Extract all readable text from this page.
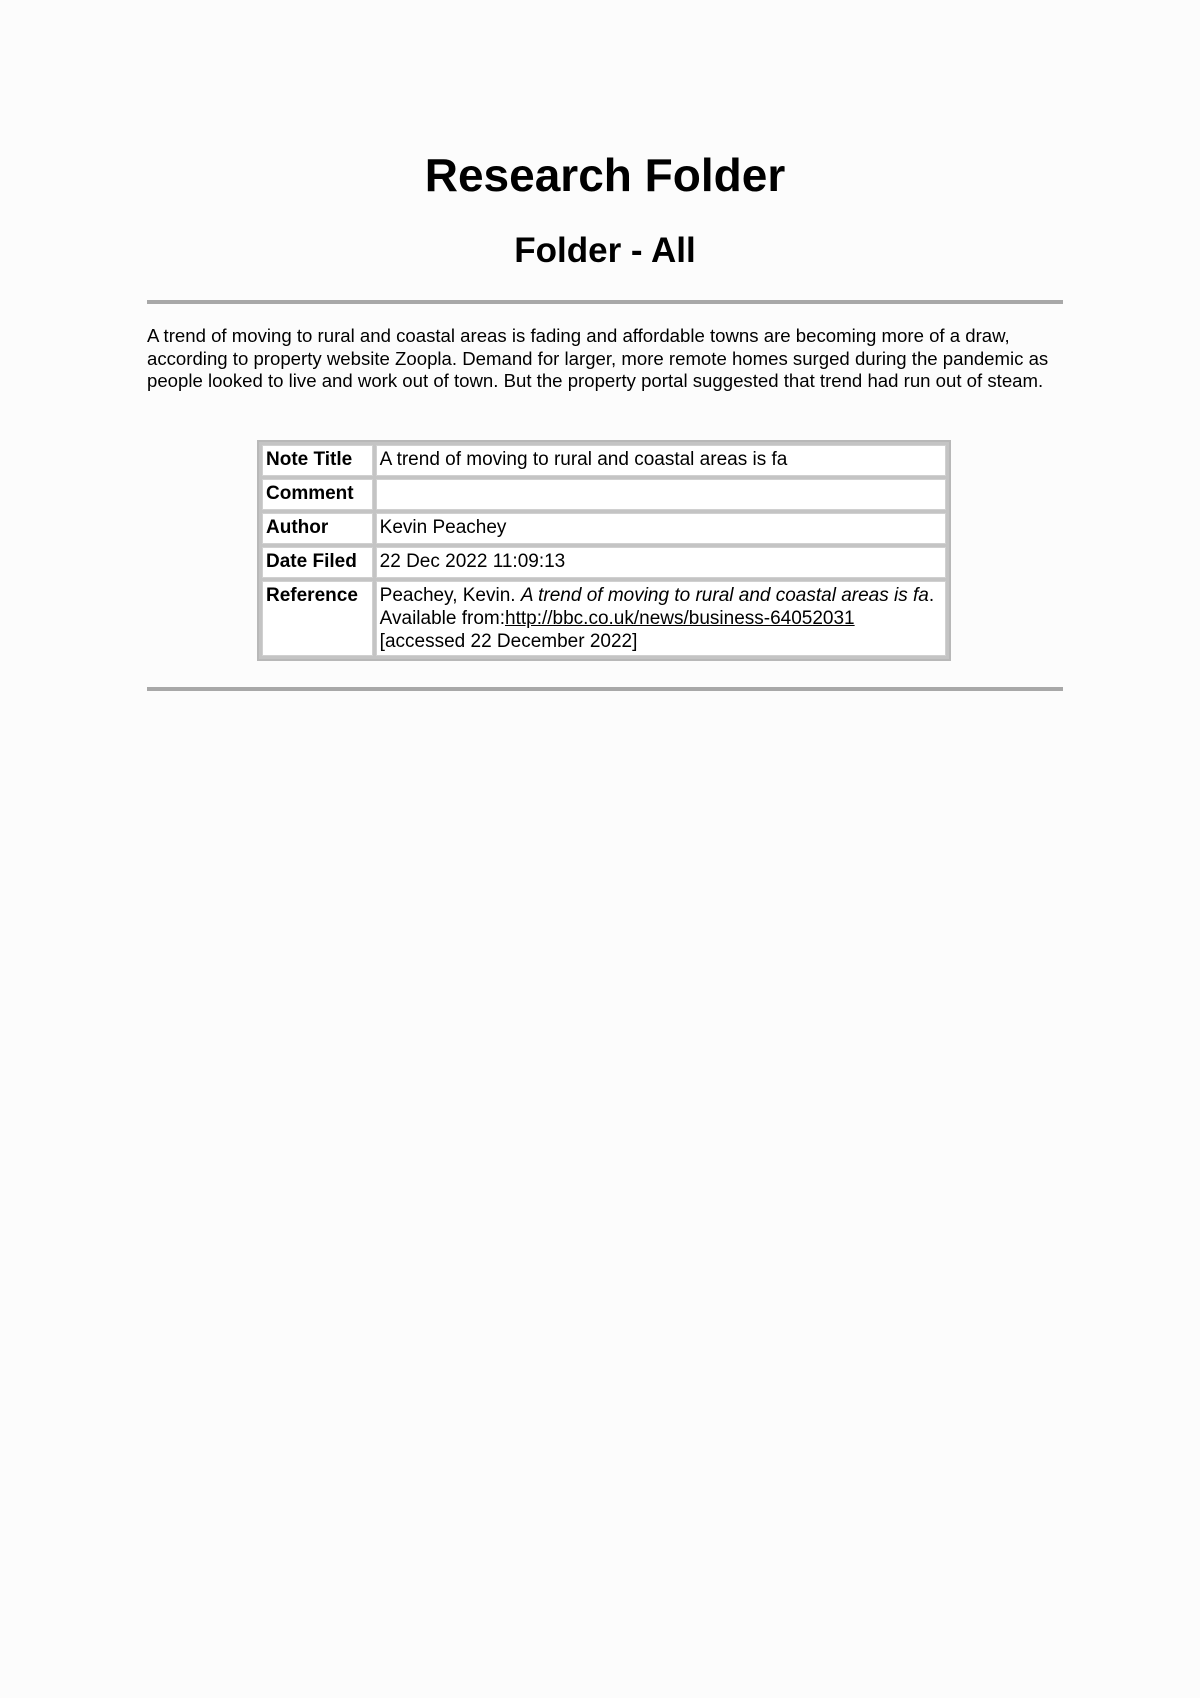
Research Folder
Folder - All

A trend of moving to rural and coastal areas is fading and affordable towns are becoming more of a draw, according to property website Zoopla. Demand for larger, more remote homes surged during the pandemic as people looked to live and work out of town. But the property portal suggested that trend had run out of steam.

Note Title	A trend of moving to rural and coastal areas is fa
Comment	
Author	Kevin Peachey
Date Filed	22 Dec 2022 11:09:13
Reference	Peachey, Kevin. A trend of moving to rural and coastal areas is fa. Available from:http://bbc.co.uk/news/business-64052031
[accessed 22 December 2022]
